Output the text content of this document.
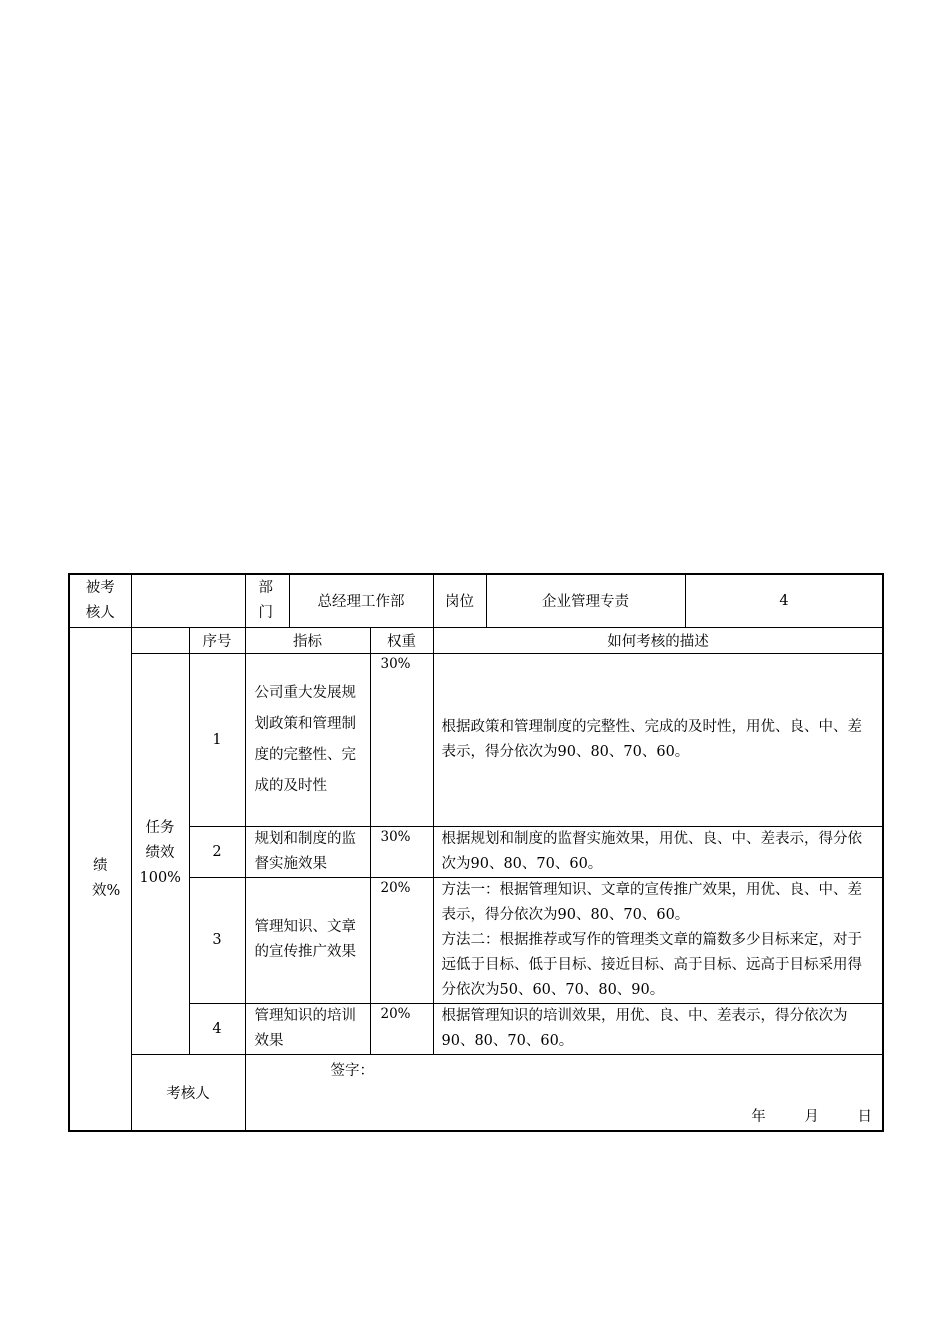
被考核人			部门	总经理工作部		岗位	企业管理专责	4
绩效%		序号	指标		权重	如何考核的描述		
	任务绩效100%	1	公司重大发展规划政策和管理制度的完整性、完成的及时性		30%	根据政策和管理制度的完整性、完成的及时性，用优、良、中、差表示，得分依次为90、80、70、60。		
		2	规划和制度的监督实施效果		30%	根据规划和制度的监督实施效果，用优、良、中、差表示，得分依次为90、80、70、60。		
		3	管理知识、文章的宣传推广效果		20%	方法一：根据管理知识、文章的宣传推广效果，用优、良、中、差表示，得分依次为90、80、70、60。
方法二：根据推荐或写作的管理类文章的篇数多少目标来定，对于远低于目标、低于目标、接近目标、高于目标、远高于目标采用得分依次为50、60、70、80、90。		

		4	管理知识的培训效果		20%	根据管理知识的培训效果，用优、良、中、差表示，得分依次为90、80、70、60。		
	考核人		签字：
年 月 日					
